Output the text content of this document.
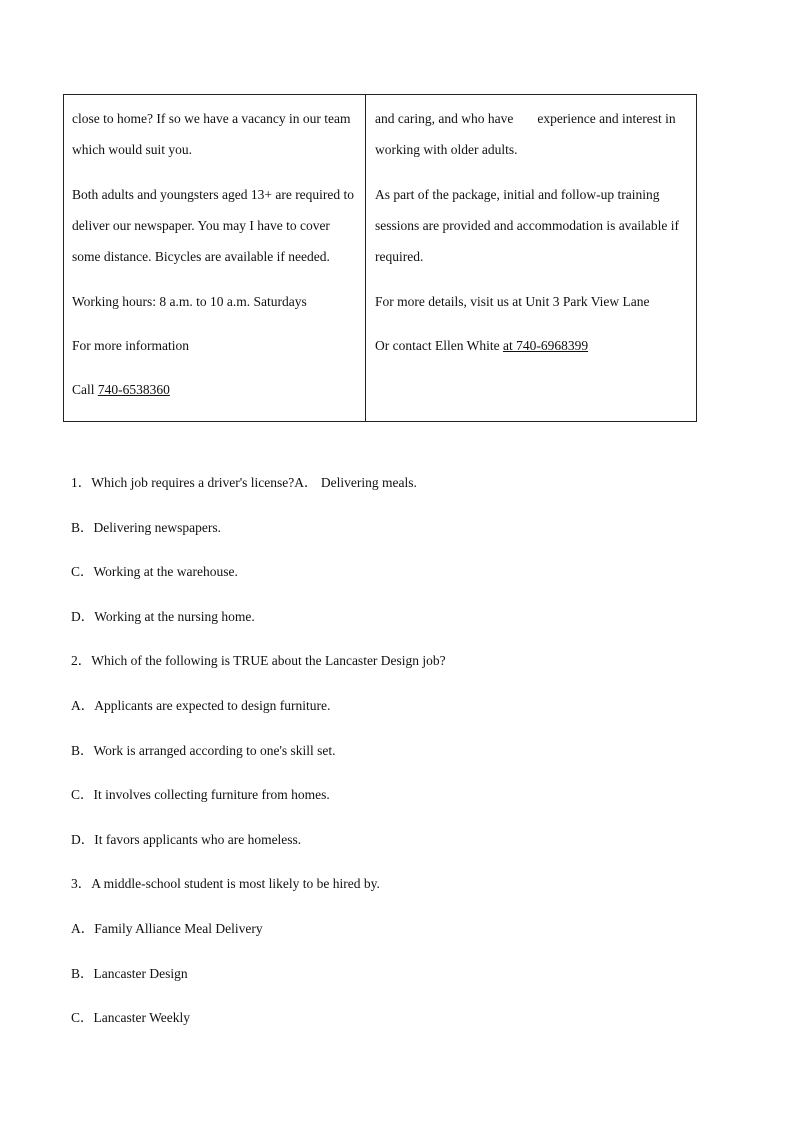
close to home? If so we have a vacancy in our team which would suit you.

Both adults and youngsters aged 13+ are required to deliver our newspaper. You may I have to cover some distance. Bicycles are available if needed.

Working hours: 8 a.m. to 10 a.m. Saturdays

For more information

Call 740-6538360

and caring, and who have experience and interest in working with older adults.

As part of the package, initial and follow-up training sessions are provided and accommodation is available if required.

For more details, visit us at Unit 3 Park View Lane

Or contact Ellen White at 740-6968399

1．Which job requires a driver's license?A． Delivering meals.
B．Delivering newspapers.
C．Working at the warehouse.
D．Working at the nursing home.
2．Which of the following is TRUE about the Lancaster Design job?
A．Applicants are expected to design furniture.
B．Work is arranged according to one's skill set.
C．It involves collecting furniture from homes.
D．It favors applicants who are homeless.
3．A middle-school student is most likely to be hired by.
A．Family Alliance Meal Delivery
B．Lancaster Design
C．Lancaster Weekly
